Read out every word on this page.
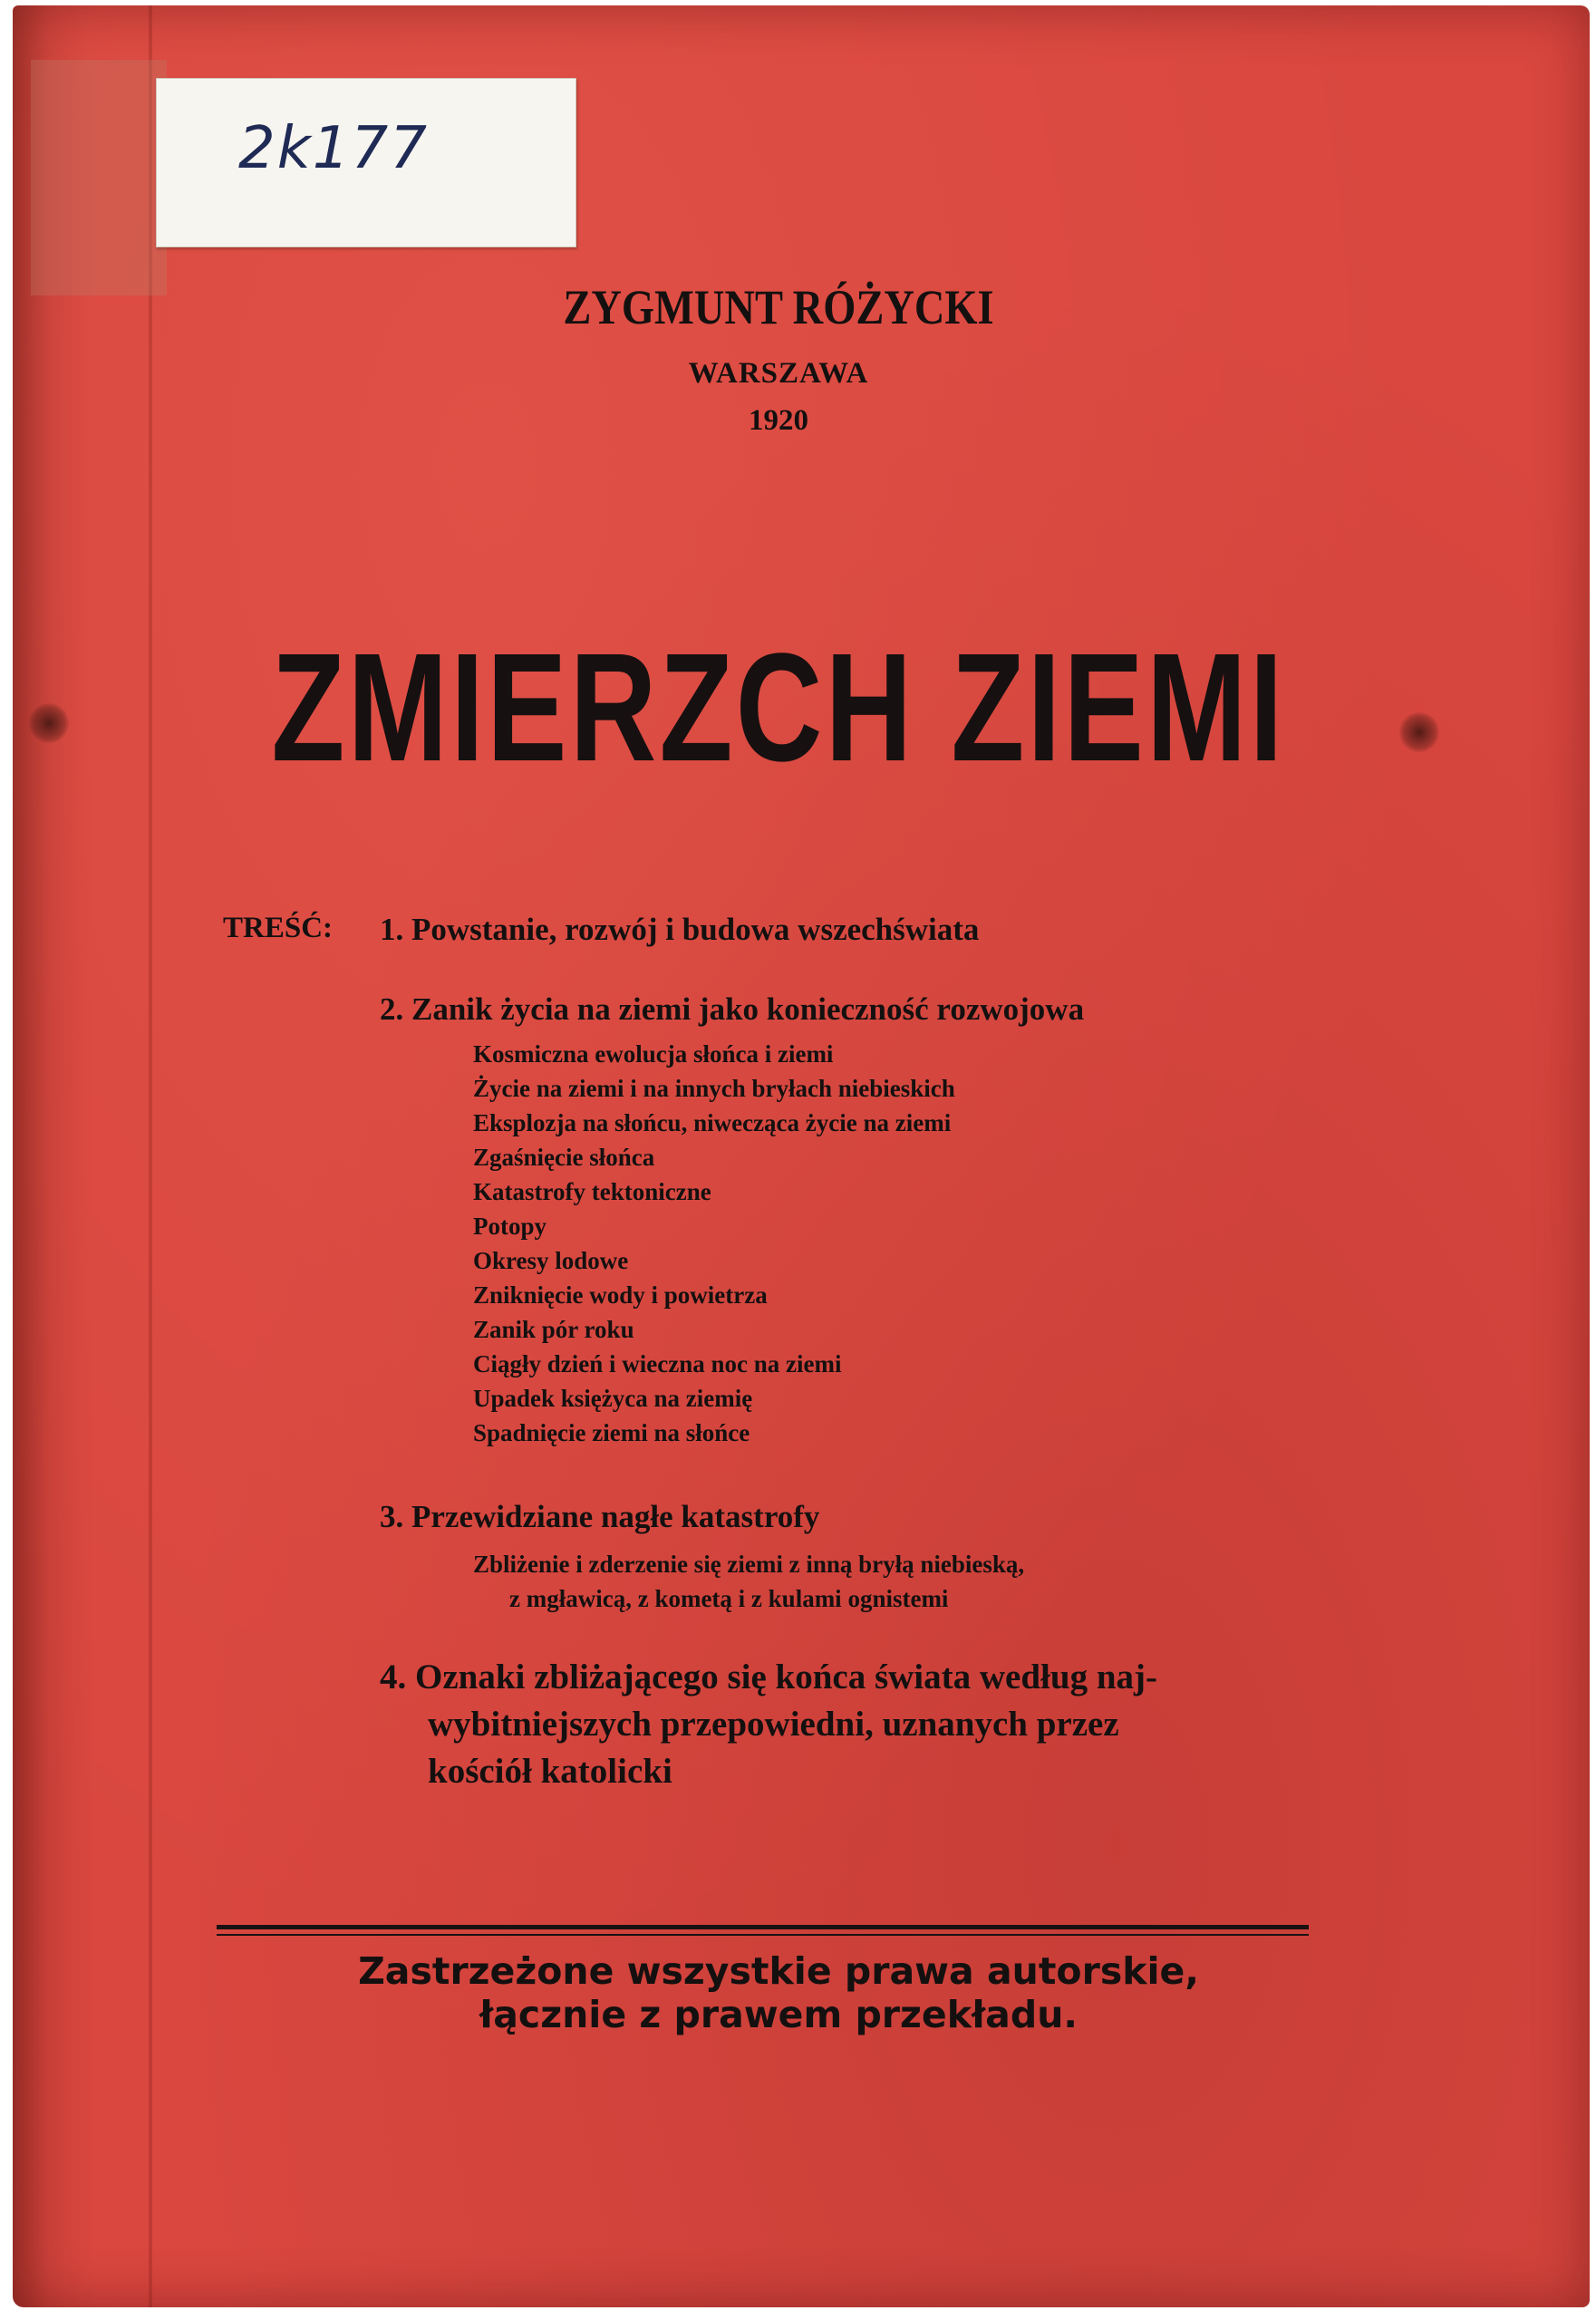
2k177
ZYGMUNT RÓŻYCKI
WARSZAWA
1920
ZMIERZCH ZIEMI
TREŚĆ: 1. Powstanie, rozwój i budowa wszechświata
2. Zanik życia na ziemi jako konieczność rozwojowa
Kosmiczna ewolucja słońca i ziemi
Życie na ziemi i na innych bryłach niebieskich
Eksplozja na słońcu, niwecząca życie na ziemi
Zgaśnięcie słońca
Katastrofy tektoniczne
Potopy
Okresy lodowe
Zniknięcie wody i powietrza
Zanik pór roku
Ciągły dzień i wieczna noc na ziemi
Upadek księżyca na ziemię
Spadnięcie ziemi na słońce
3. Przewidziane nagłe katastrofy
Zbliżenie i zderzenie się ziemi z inną bryłą niebieską,
z mgławicą, z kometą i z kulami ognistemi
4. Oznaki zbliżającego się końca świata według naj-
wybitniejszych przepowiedni, uznanych przez
kościół katolicki
Zastrzeżone wszystkie prawa autorskie,
łącznie z prawem przekładu.
